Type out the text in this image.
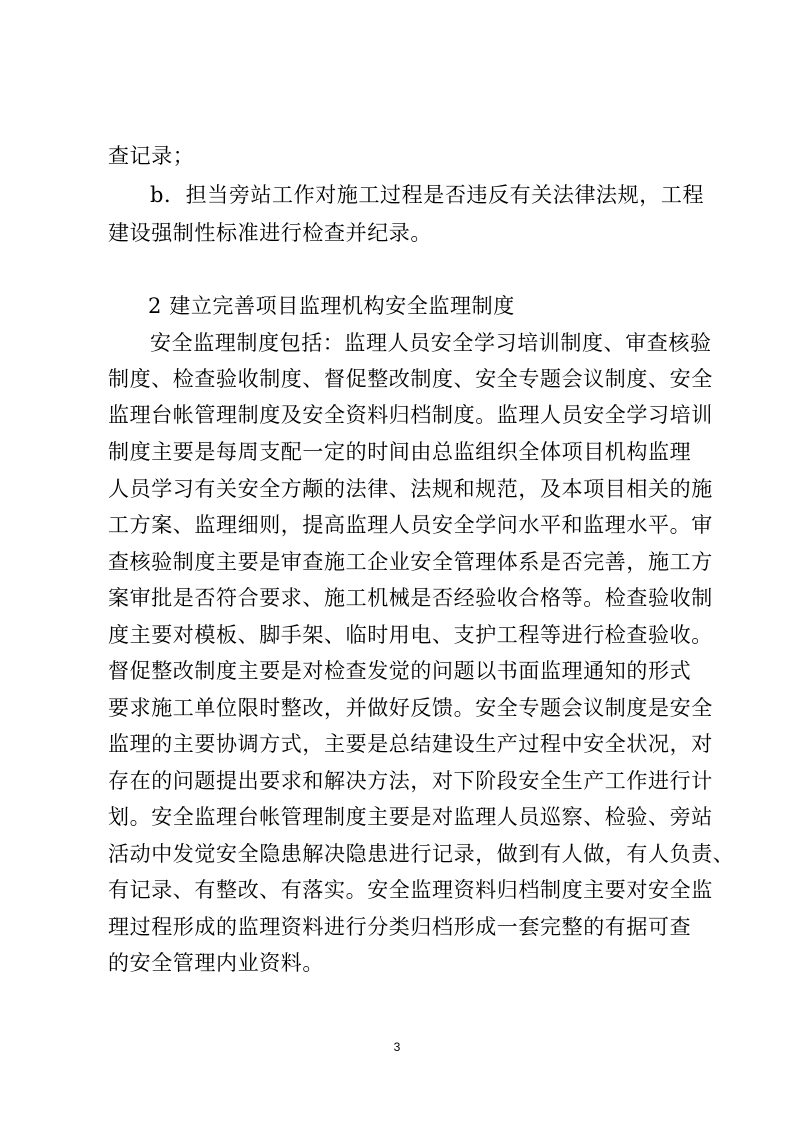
查记录；
b．担当旁站工作对施工过程是否违反有关法律法规，工程
建设强制性标准进行检查并纪录。
2 建立完善项目监理机构安全监理制度
安全监理制度包括：监理人员安全学习培训制度、审查核验
制度、检查验收制度、督促整改制度、安全专题会议制度、安全
监理台帐管理制度及安全资料归档制度。监理人员安全学习培训
制度主要是每周支配一定的时间由总监组织全体项目机构监理
人员学习有关安全方颟的法律、法规和规范，及本项目相关的施
工方案、监理细则，提高监理人员安全学问水平和监理水平。审
查核验制度主要是审查施工企业安全管理体系是否完善，施工方
案审批是否符合要求、施工机械是否经验收合格等。检查验收制
度主要对模板、脚手架、临时用电、支护工程等进行检查验收。
督促整改制度主要是对检查发觉的问题以书面监理通知的形式
要求施工单位限时整改，并做好反馈。安全专题会议制度是安全
监理的主要协调方式，主要是总结建设生产过程中安全状况，对
存在的问题提出要求和解决方法，对下阶段安全生产工作进行计
划。安全监理台帐管理制度主要是对监理人员巡察、检验、旁站
活动中发觉安全隐患解决隐患进行记录，做到有人做，有人负责、
有记录、有整改、有落实。安全监理资料归档制度主要对安全监
理过程形成的监理资料进行分类归档形成一套完整的有据可查
的安全管理内业资料。
3
